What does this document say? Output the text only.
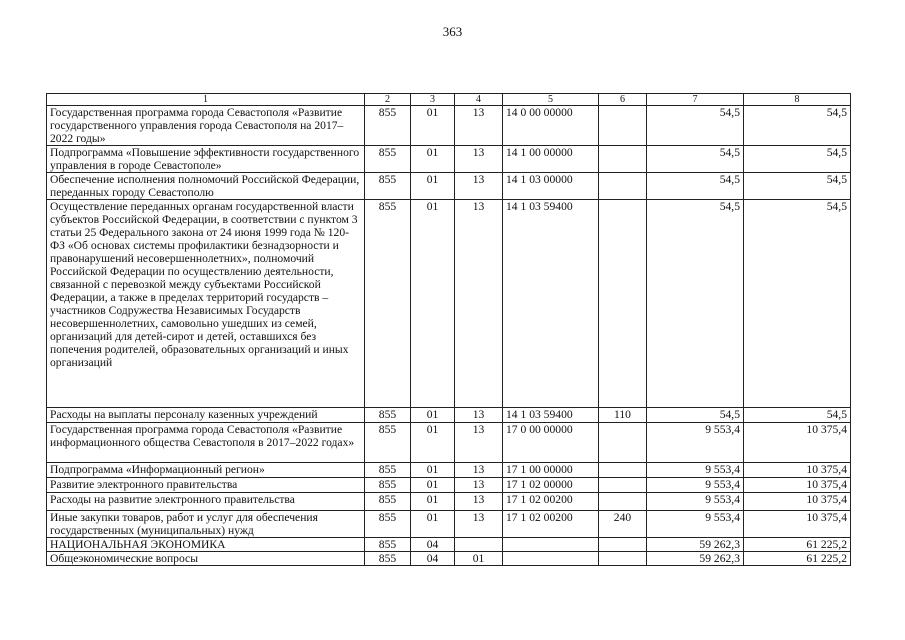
363
1	2	3	4	5	6	7	8
Государственная программа города Севастополя «Развитие государственного управления города Севастополя на 2017–2022 годы»	855	01	13	14 0 00 00000		54,5	54,5
Подпрограмма «Повышение эффективности государственного управления в городе Севастополе»	855	01	13	14 1 00 00000		54,5	54,5
Обеспечение исполнения полномочий Российской Федерации, переданных городу Севастополю	855	01	13	14 1 03 00000		54,5	54,5
Осуществление переданных органам государственной власти субъектов Российской Федерации, в соответствии с пунктом 3 статьи 25 Федерального закона от 24 июня 1999 года № 120-ФЗ «Об основах системы профилактики безнадзорности и правонарушений несовершеннолетних», полномочий Российской Федерации по осуществлению деятельности, связанной с перевозкой между субъектами Российской Федерации, а также в пределах территорий государств – участников Содружества Независимых Государств несовершеннолетних, самовольно ушедших из семей, организаций для детей-сирот и детей, оставшихся без попечения родителей, образовательных организаций и иных организаций	855	01	13	14 1 03 59400		54,5	54,5
Расходы на выплаты персоналу казенных учреждений	855	01	13	14 1 03 59400	110	54,5	54,5
Государственная программа города Севастополя «Развитие информационного общества Севастополя в 2017–2022 годах»	855	01	13	17 0 00 00000		9 553,4	10 375,4
Подпрограмма «Информационный регион»	855	01	13	17 1 00 00000		9 553,4	10 375,4
Развитие электронного правительства	855	01	13	17 1 02 00000		9 553,4	10 375,4
Расходы на развитие электронного правительства	855	01	13	17 1 02 00200		9 553,4	10 375,4
Иные закупки товаров, работ и услуг для обеспечения государственных (муниципальных) нужд	855	01	13	17 1 02 00200	240	9 553,4	10 375,4
НАЦИОНАЛЬНАЯ ЭКОНОМИКА	855	04				59 262,3	61 225,2
Общеэкономические вопросы	855	04	01			59 262,3	61 225,2
